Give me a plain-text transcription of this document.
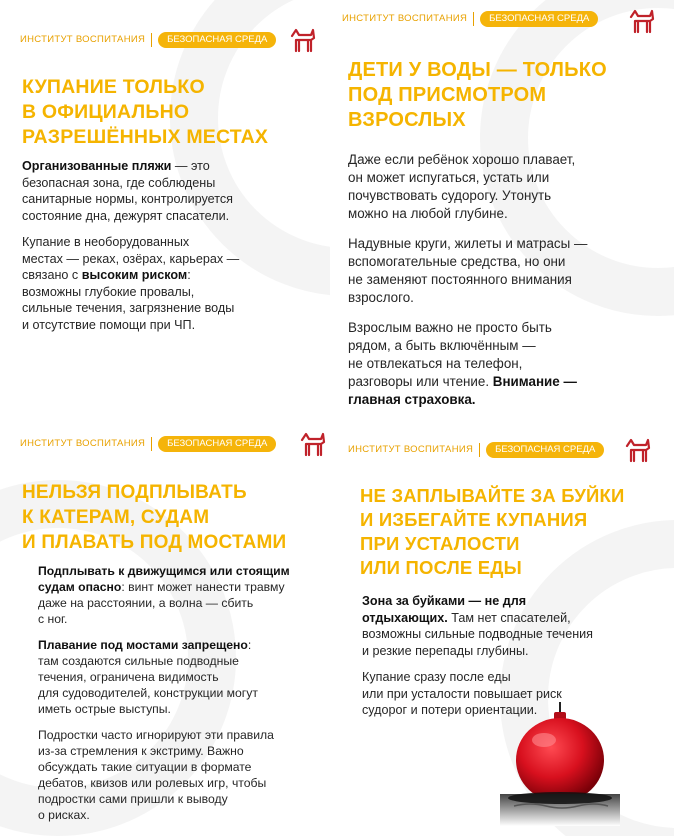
ИНСТИТУТ ВОСПИТАНИЯ	БЕЗОПАСНАЯ СРЕДА
КУПАНИЕ ТОЛЬКО
В ОФИЦИАЛЬНО
РАЗРЕШЁННЫХ МЕСТАХ

Организованные пляжи — это
безопасная зона, где соблюдены
санитарные нормы, контролируется
состояние дна, дежурят спасатели.

Купание в необорудованных
местах — реках, озёрах, карьерах —
связано с высоким риском:
возможны глубокие провалы,
сильные течения, загрязнение воды
и отсутствие помощи при ЧП.

ИНСТИТУТ ВОСПИТАНИЯ	БЕЗОПАСНАЯ СРЕДА
ДЕТИ У ВОДЫ — ТОЛЬКО
ПОД ПРИСМОТРОМ
ВЗРОСЛЫХ

Даже если ребёнок хорошо плавает,
он может испугаться, устать или
почувствовать судорогу. Утонуть
можно на любой глубине.

Надувные круги, жилеты и матрасы —
вспомогательные средства, но они
не заменяют постоянного внимания
взрослого.

Взрослым важно не просто быть
рядом, а быть включённым —
не отвлекаться на телефон,
разговоры или чтение. Внимание —
главная страховка.

ИНСТИТУТ ВОСПИТАНИЯ	БЕЗОПАСНАЯ СРЕДА
НЕЛЬЗЯ ПОДПЛЫВАТЬ
К КАТЕРАМ, СУДАМ
И ПЛАВАТЬ ПОД МОСТАМИ

Подплывать к движущимся или стоящим
судам опасно: винт может нанести травму
даже на расстоянии, а волна — сбить
с ног.

Плавание под мостами запрещено:
там создаются сильные подводные
течения, ограничена видимость
для судоводителей, конструкции могут
иметь острые выступы.

Подростки часто игнорируют эти правила
из-за стремления к экстриму. Важно
обсуждать такие ситуации в формате
дебатов, квизов или ролевых игр, чтобы
подростки сами пришли к выводу
о рисках.

ИНСТИТУТ ВОСПИТАНИЯ	БЕЗОПАСНАЯ СРЕДА
НЕ ЗАПЛЫВАЙТЕ ЗА БУЙКИ
И ИЗБЕГАЙТЕ КУПАНИЯ
ПРИ УСТАЛОСТИ
ИЛИ ПОСЛЕ ЕДЫ

Зона за буйками — не для
отдыхающих. Там нет спасателей,
возможны сильные подводные течения
и резкие перепады глубины.

Купание сразу после еды
или при усталости повышает риск
судорог и потери ориентации.
